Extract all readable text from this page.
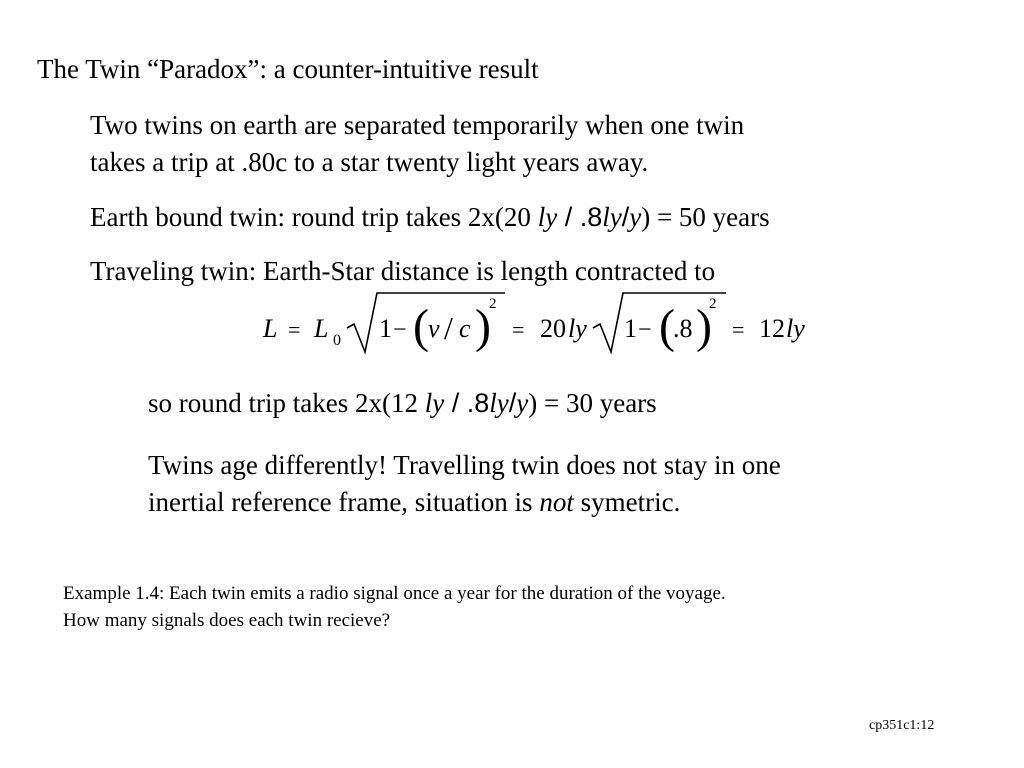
The Twin “Paradox”: a counter-intuitive result
Two twins on earth are separated temporarily when one twin
takes a trip at .80c to a star twenty light years away.
Earth bound twin: round trip takes 2x(20 ly / .8ly/y) = 50 years
Traveling twin: Earth-Star distance is length contracted to
L = L 0 1 − ( v / c )
2
= 20 ly 1 − (
.8 )
2
= 12 ly
so round trip takes 2x(12 ly / .8ly/y) = 30 years
Twins age differently! Travelling twin does not stay in one
inertial reference frame, situation is not symetric.
Example 1.4: Each twin emits a radio signal once a year for the duration of the voyage.
How many signals does each twin recieve?
cp351c1:12
